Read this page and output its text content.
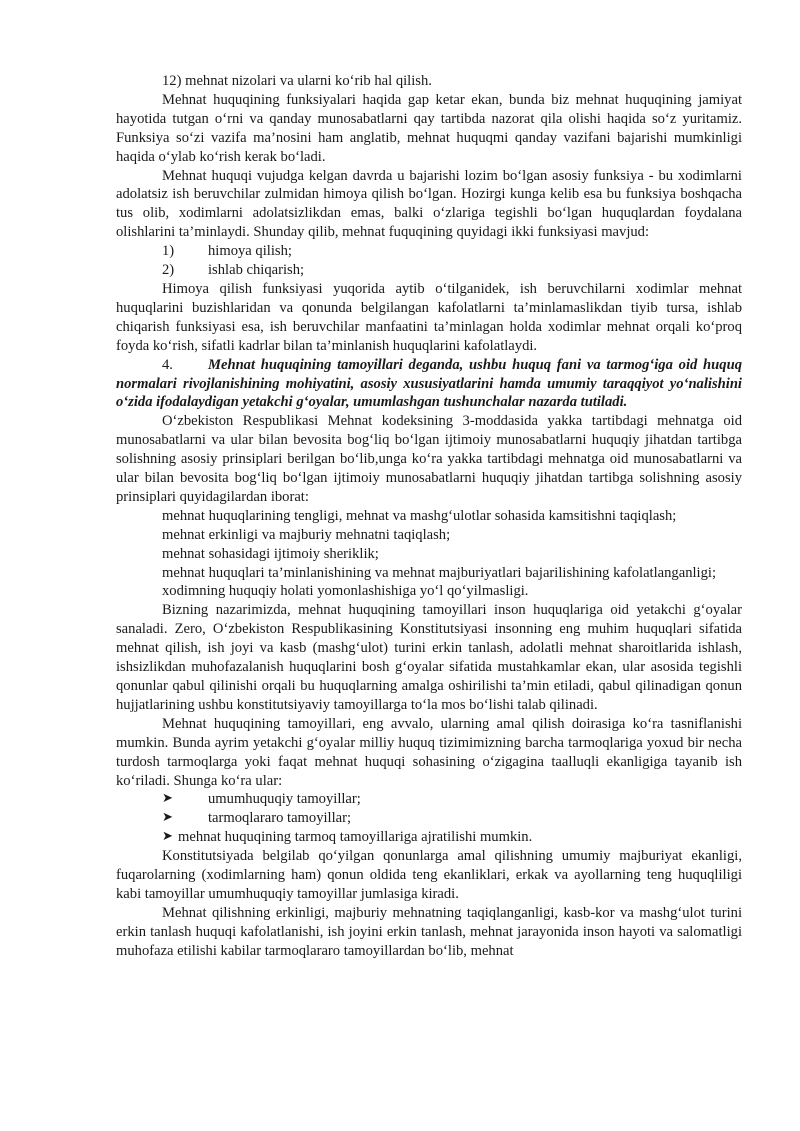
12) mehnat nizolari va ularni ko‘rib hal qilish.

Mehnat huquqining funksiyalari haqida gap ketar ekan, bunda biz mehnat huquqining jamiyat hayotida tutgan o‘rni va qanday munosabatlarni qay tartibda nazorat qila olishi haqida so‘z yuritamiz. Funksiya so‘zi vazifa ma’nosini ham anglatib, mehnat huquqmi qanday vazifani bajarishi mumkinligi haqida o‘ylab ko‘rish kerak bo‘ladi.

Mehnat huquqi vujudga kelgan davrda u bajarishi lozim bo‘lgan asosiy funksiya - bu xodimlarni adolatsiz ish beruvchilar zulmidan himoya qilish bo‘lgan. Hozirgi kunga kelib esa bu funksiya boshqacha tus olib, xodimlarni adolatsizlikdan emas, balki o‘zlariga tegishli bo‘lgan huquqlardan foydalana olishlarini ta’minlaydi. Shunday qilib, mehnat fuquqining quyidagi ikki funksiyasi mavjud:

1)	himoya qilish;
2)	ishlab chiqarish;

Himoya qilish funksiyasi yuqorida aytib o‘tilganidek, ish beruvchilarni xodimlar mehnat huquqlarini buzishlaridan va qonunda belgilangan kafolatlarni ta’minlamaslikdan tiyib tursa, ishlab chiqarish funksiyasi esa, ish beruvchilar manfaatini ta’minlagan holda xodimlar mehnat orqali ko‘proq foyda ko‘rish, sifatli kadrlar bilan ta’minlanish huquqlarini kafolatlaydi.

4. Mehnat huquqining tamoyillari deganda, ushbu huquq fani va tarmog‘iga oid huquq normalari rivojlanishining mohiyatini, asosiy xususiyatlarini hamda umumiy taraqqiyot yo‘nalishini o‘zida ifodalaydigan yetakchi g‘oyalar, umumlashgan tushunchalar nazarda tutiladi.

O‘zbekiston Respublikasi Mehnat kodeksining 3-moddasida yakka tartibdagi mehnatga oid munosabatlarni va ular bilan bevosita bog‘liq bo‘lgan ijtimoiy munosabatlarni huquqiy jihatdan tartibga solishning asosiy prinsiplari berilgan bo‘lib,unga ko‘ra yakka tartibdagi mehnatga oid munosabatlarni va ular bilan bevosita bog‘liq bo‘lgan ijtimoiy munosabatlarni huquqiy jihatdan tartibga solishning asosiy prinsiplari quyidagilardan iborat:

mehnat huquqlarining tengligi, mehnat va mashg‘ulotlar sohasida kamsitishni taqiqlash;

mehnat erkinligi va majburiy mehnatni taqiqlash;

mehnat sohasidagi ijtimoiy sheriklik;

mehnat huquqlari ta’minlanishining va mehnat majburiyatlari bajarilishining kafolatlanganligi;

xodimning huquqiy holati yomonlashishiga yo‘l qo‘yilmasligi.

Bizning nazarimizda, mehnat huquqining tamoyillari inson huquqlariga oid yetakchi g‘oyalar sanaladi. Zero, O‘zbekiston Respublikasining Konstitutsiyasi insonning eng muhim huquqlari sifatida mehnat qilish, ish joyi va kasb (mashg‘ulot) turini erkin tanlash, adolatli mehnat sharoitlarida ishlash, ishsizlikdan muhofazalanish huquqlarini bosh g‘oyalar sifatida mustahkamlar ekan, ular asosida tegishli qonunlar qabul qilinishi orqali bu huquqlarning amalga oshirilishi ta’min etiladi, qabul qilinadigan qonun hujjatlarining ushbu konstitutsiyaviy tamoyillarga to‘la mos bo‘lishi talab qilinadi.

Mehnat huquqining tamoyillari, eng avvalo, ularning amal qilish doirasiga ko‘ra tasniflanishi mumkin. Bunda ayrim yetakchi g‘oyalar milliy huquq tizimimizning barcha tarmoqlariga yoxud bir necha turdosh tarmoqlarga yoki faqat mehnat huquqi sohasining o‘zigagina taalluqli ekanligiga tayanib ish ko‘riladi. Shunga ko‘ra ular:

➤	umumhuquqiy tamoyillar;
➤	tarmoqlararo tamoyillar;
➤ mehnat huquqining tarmoq tamoyillariga ajratilishi mumkin.

Konstitutsiyada belgilab qo‘yilgan qonunlarga amal qilishning umumiy majburiyat ekanligi, fuqarolarning (xodimlarning ham) qonun oldida teng ekanliklari, erkak va ayollarning teng huquqliligi kabi tamoyillar umumhuquqiy tamoyillar jumlasiga kiradi.

Mehnat qilishning erkinligi, majburiy mehnatning taqiqlanganligi, kasb-kor va mashg‘ulot turini erkin tanlash huquqi kafolatlanishi, ish joyini erkin tanlash, mehnat jarayonida inson hayoti va salomatligi muhofaza etilishi kabilar tarmoqlararo tamoyillardan bo‘lib, mehnat
